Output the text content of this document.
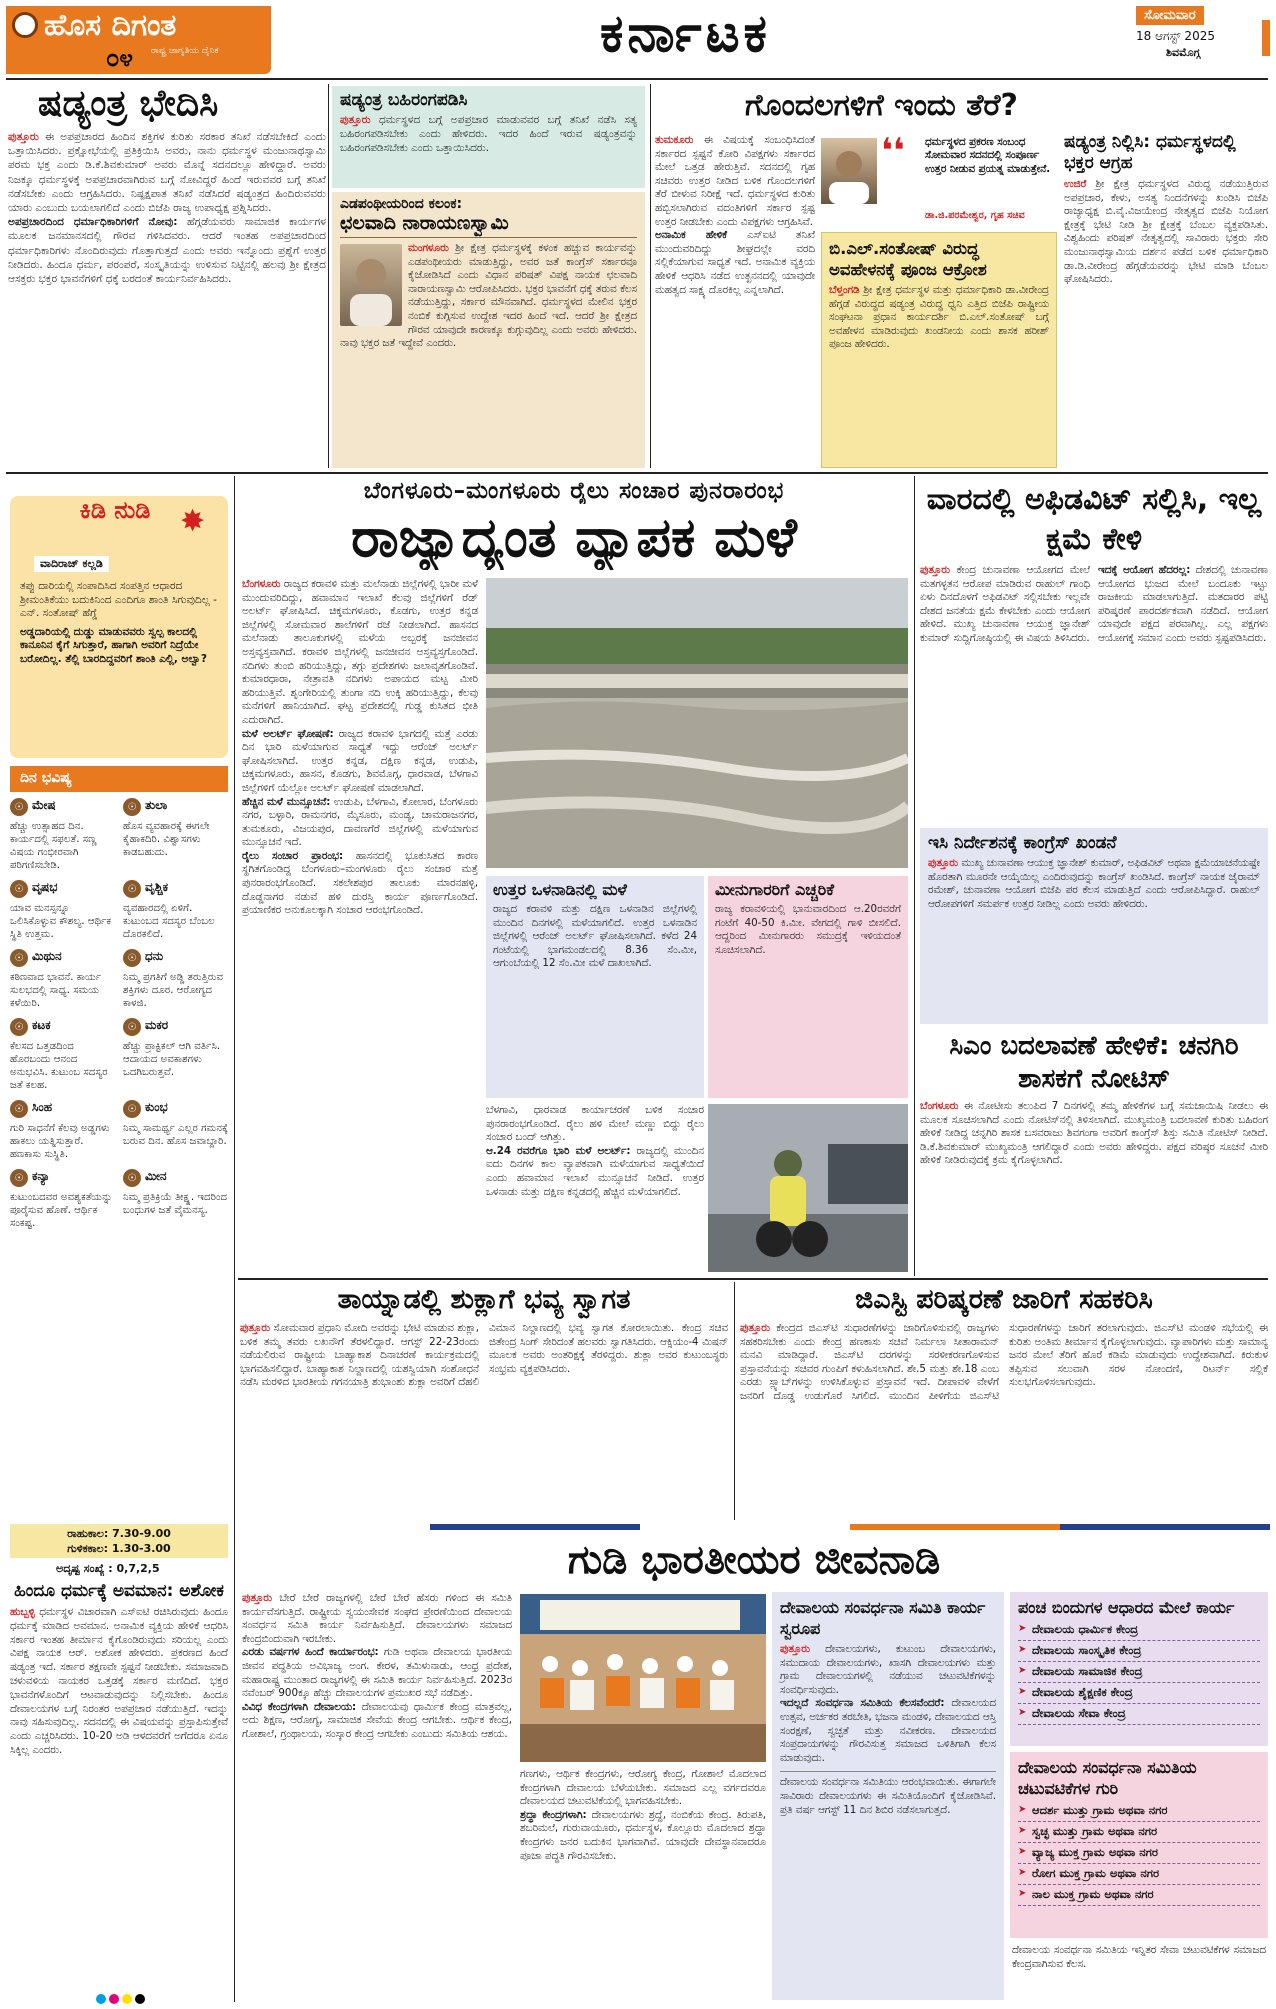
ಹೊಸ ದಿಗಂತ
೦೪ ರಾಷ್ಟ್ರ ಜಾಗೃತಿಯ ದೈನಿಕ	ಕರ್ನಾಟಕ	ಸೋಮವಾರ
18 ಆಗಸ್ಟ್ 2025
ಶಿವಮೊಗ್ಗ
ಷಡ್ಯಂತ್ರ ಭೇದಿಸಿ
ಪುತ್ತೂರು ಈ ಅಪಪ್ರಚಾರದ ಹಿಂದಿನ ಶಕ್ತಿಗಳ ಕುರಿತು ಸರಕಾರ ತನಿಖೆ ನಡೆಸಬೇಕಿದೆ ಎಂದು ಒತ್ತಾಯಿಸಿದರು. ಪ್ರಕ್ಷೋಭೆಯಲ್ಲಿ ಪ್ರತಿಕ್ರಿಯಿಸಿ ಅವರು, ನಾನು ಧರ್ಮಸ್ಥಳ ಮಂಜುನಾಥಸ್ವಾಮಿ ಪರಮ ಭಕ್ತ ಎಂದು ಡಿ.ಕೆ.ಶಿವಕುಮಾರ್ ಅವರು ಮೊನ್ನೆ ಸದನದಲ್ಲೂ ಹೇಳಿದ್ದಾರೆ. ಅವರು ನಿಜಕ್ಕೂ ಧರ್ಮಸ್ಥಳಕ್ಕೆ ಅಪಪ್ರಚಾರವಾಗಿರುವ ಬಗ್ಗೆ ನೋವಿದ್ದರೆ ಹಿಂದೆ ಇರುವವರ ಬಗ್ಗೆ ತನಿಖೆ ನಡೆಸಬೇಕು ಎಂದು ಆಗ್ರಹಿಸಿದರು. ನಿಷ್ಪಕ್ಷಪಾತ ತನಿಖೆ ನಡೆಸಿದರೆ ಷಡ್ಯಂತ್ರದ ಹಿಂದಿರುವವರು ಯಾರು ಎಂಬುದು ಬಯಲಾಗಲಿದೆ ಎಂದು ಬಿಜೆಪಿ ರಾಜ್ಯ ಉಪಾಧ್ಯಕ್ಷ ಪ್ರಶ್ನಿಸಿದರು.
ಅಪಪ್ರಚಾರದಿಂದ ಧರ್ಮಾಧಿಕಾರಿಗಳಿಗೆ ನೋವು: ಹೆಗ್ಗಡೆಯವರು ಸಾಮಾಜಿಕ ಕಾರ್ಯಗಳ ಮೂಲಕ ಜನಮಾನಸದಲ್ಲಿ ಗೌರವ ಗಳಿಸಿದವರು. ಆದರೆ ಇಂತಹ ಅಪಪ್ರಚಾರದಿಂದ ಧರ್ಮಾಧಿಕಾರಿಗಳು ನೊಂದಿರುವುದು ಗೊತ್ತಾಗುತ್ತದೆ ಎಂದು ಅವರು ಇನ್ನೊಂದು ಪ್ರಶ್ನೆಗೆ ಉತ್ತರ ನೀಡಿದರು. ಹಿಂದೂ ಧರ್ಮ, ಪರಂಪರೆ, ಸಂಸ್ಕೃತಿಯನ್ನು ಉಳಿಸುವ ನಿಟ್ಟಿನಲ್ಲಿ ಹಲವು ಶ್ರೀ ಕ್ಷೇತ್ರದ ಆಸಕ್ತರು ಭಕ್ತರ ಭಾವನೆಗಳಿಗೆ ಧಕ್ಕೆ ಬರದಂತೆ ಕಾರ್ಯನಿರ್ವಹಿಸಿದರು.
ಷಡ್ಯಂತ್ರ ಬಹಿರಂಗಪಡಿಸಿ
ಪುತ್ತೂರು ಧರ್ಮಸ್ಥಳದ ಬಗ್ಗೆ ಅಪಪ್ರಚಾರ ಮಾಡುವವರ ಬಗ್ಗೆ ತನಿಖೆ ನಡೆಸಿ ಸತ್ಯ ಬಹಿರಂಗಪಡಿಸಬೇಕು ಎಂದು ಹೇಳಿದರು. ಇದರ ಹಿಂದೆ ಇರುವ ಷಡ್ಯಂತ್ರವನ್ನು ಬಹಿರಂಗಪಡಿಸಬೇಕು ಎಂದು ಒತ್ತಾಯಿಸಿದರು.
ಎಡಪಂಥೀಯರಿಂದ ಕಲಂಕ:
ಛಲವಾದಿ ನಾರಾಯಣಸ್ವಾಮಿ
ಮಂಗಳೂರು ಶ್ರೀ ಕ್ಷೇತ್ರ ಧರ್ಮಸ್ಥಳಕ್ಕೆ ಕಳಂಕ ಹಚ್ಚುವ ಕಾರ್ಯವನ್ನು ಎಡಪಂಥೀಯರು ಮಾಡುತ್ತಿದ್ದು, ಅವರ ಜತೆ ಕಾಂಗ್ರೆಸ್ ಸರ್ಕಾರವೂ ಕೈಜೋಡಿಸಿದೆ ಎಂದು ವಿಧಾನ ಪರಿಷತ್ ವಿಪಕ್ಷ ನಾಯಕ ಛಲವಾದಿ ನಾರಾಯಣಸ್ವಾಮಿ ಆರೋಪಿಸಿದರು. ಭಕ್ತರ ಭಾವನೆಗೆ ಧಕ್ಕೆ ತರುವ ಕೆಲಸ ನಡೆಯುತ್ತಿದ್ದು, ಸರ್ಕಾರ ಮೌನವಾಗಿದೆ. ಧರ್ಮಸ್ಥಳದ ಮೇಲಿನ ಭಕ್ತರ ನಂಬಿಕೆ ಕುಗ್ಗಿಸುವ ಉದ್ದೇಶ ಇದರ ಹಿಂದೆ ಇದೆ. ಆದರೆ ಶ್ರೀ ಕ್ಷೇತ್ರದ ಗೌರವ ಯಾವುದೇ ಕಾರಣಕ್ಕೂ ಕುಗ್ಗುವುದಿಲ್ಲ ಎಂದು ಅವರು ಹೇಳಿದರು. ನಾವು ಭಕ್ತರ ಜತೆ ಇದ್ದೇವೆ ಎಂದರು.
ಗೊಂದಲಗಳಿಗೆ ಇಂದು ತೆರೆ?
ತುಮಕೂರು ಈ ವಿಷಯಕ್ಕೆ ಸಂಬಂಧಿಸಿದಂತೆ ಸರ್ಕಾರದ ಸ್ಪಷ್ಟನೆ ಕೋರಿ ವಿಪಕ್ಷಗಳು ಸರ್ಕಾರದ ಮೇಲೆ ಒತ್ತಡ ಹೇರುತ್ತಿವೆ. ಸದನದಲ್ಲಿ ಗೃಹ ಸಚಿವರು ಉತ್ತರ ನೀಡಿದ ಬಳಿಕ ಗೊಂದಲಗಳಿಗೆ ತೆರೆ ಬೀಳುವ ನಿರೀಕ್ಷೆ ಇದೆ. ಧರ್ಮಸ್ಥಳದ ಕುರಿತು ಹಬ್ಬಿಸಲಾಗಿರುವ ವದಂತಿಗಳಿಗೆ ಸರ್ಕಾರ ಸ್ಪಷ್ಟ ಉತ್ತರ ನೀಡಬೇಕು ಎಂದು ವಿಪಕ್ಷಗಳು ಆಗ್ರಹಿಸಿವೆ.
ಅನಾಮಿಕ ಹೇಳಿಕೆ ಎಸ್ಐಟಿ ತನಿಖೆ ಮುಂದುವರಿದಿದ್ದು ಶೀಘ್ರದಲ್ಲೇ ವರದಿ ಸಲ್ಲಿಕೆಯಾಗುವ ಸಾಧ್ಯತೆ ಇದೆ. ಅನಾಮಿಕ ವ್ಯಕ್ತಿಯ ಹೇಳಿಕೆ ಆಧರಿಸಿ ನಡೆದ ಉತ್ಖನನದಲ್ಲಿ ಯಾವುದೇ ಮಹತ್ವದ ಸಾಕ್ಷ್ಯ ದೊರಕಿಲ್ಲ ಎನ್ನಲಾಗಿದೆ.
❛❛ ಧರ್ಮಸ್ಥಳದ ಪ್ರಕರಣ ಸಂಬಂಧ ಸೋಮವಾರ ಸದನದಲ್ಲಿ ಸಂಪೂರ್ಣ ಉತ್ತರ ನೀಡುವ ಪ್ರಯತ್ನ ಮಾಡುತ್ತೇನೆ.
ಡಾ.ಜಿ.ಪರಮೇಶ್ವರ, ಗೃಹ ಸಚಿವ
ಬಿ.ಎಲ್.ಸಂತೋಷ್ ವಿರುದ್ಧ ಅವಹೇಳನಕ್ಕೆ ಪೂಂಜ ಆಕ್ರೋಶ
ಬೆಳ್ತಂಗಡಿ ಶ್ರೀ ಕ್ಷೇತ್ರ ಧರ್ಮಸ್ಥಳ ಮತ್ತು ಧರ್ಮಾಧಿಕಾರಿ ಡಾ.ವೀರೇಂದ್ರ ಹೆಗ್ಗಡೆ ವಿರುದ್ಧದ ಷಡ್ಯಂತ್ರ ವಿರುದ್ಧ ಧ್ವನಿ ಎತ್ತಿದ ಬಿಜೆಪಿ ರಾಷ್ಟ್ರೀಯ ಸಂಘಟನಾ ಪ್ರಧಾನ ಕಾರ್ಯದರ್ಶಿ ಬಿ.ಎಲ್.ಸಂತೋಷ್ ಬಗ್ಗೆ ಅವಹೇಳನ ಮಾಡಿರುವುದು ಖಂಡನೀಯ ಎಂದು ಶಾಸಕ ಹರೀಶ್ ಪೂಂಜ ಹೇಳಿದರು.
ಷಡ್ಯಂತ್ರ ನಿಲ್ಲಿಸಿ: ಧರ್ಮಸ್ಥಳದಲ್ಲಿ ಭಕ್ತರ ಆಗ್ರಹ
ಉಜಿರೆ ಶ್ರೀ ಕ್ಷೇತ್ರ ಧರ್ಮಸ್ಥಳದ ವಿರುದ್ಧ ನಡೆಯುತ್ತಿರುವ ಅಪಪ್ರಚಾರ, ಕೇಳು, ಅಸತ್ಯ ನಿಂದನೆಗಳನ್ನು ಖಂಡಿಸಿ ಬಿಜೆಪಿ ರಾಜ್ಯಾಧ್ಯಕ್ಷ ಬಿ.ವೈ.ವಿಜಯೇಂದ್ರ ನೇತೃತ್ವದ ಬಿಜೆಪಿ ನಿಯೋಗ ಕ್ಷೇತ್ರಕ್ಕೆ ಭೇಟಿ ನೀಡಿ ಶ್ರೀ ಕ್ಷೇತ್ರಕ್ಕೆ ಬೆಂಬಲ ವ್ಯಕ್ತಪಡಿಸಿತು. ವಿಶ್ವಹಿಂದು ಪರಿಷತ್ ನೇತೃತ್ವದಲ್ಲಿ ಸಾವಿರಾರು ಭಕ್ತರು ಸೇರಿ ಮಂಜುನಾಥಸ್ವಾಮಿಯ ದರ್ಶನ ಪಡೆದ ಬಳಿಕ ಧರ್ಮಾಧಿಕಾರಿ ಡಾ.ಡಿ.ವೀರೇಂದ್ರ ಹೆಗ್ಗಡೆಯವರನ್ನು ಭೇಟಿ ಮಾಡಿ ಬೆಂಬಲ ಘೋಷಿಸಿದರು.
ಕಿಡಿ ನುಡಿ ✸
ವಾದಿರಾಜ್ ಕಲ್ಲಡಿ
ತಪ್ಪು ದಾರಿಯಲ್ಲಿ ಸಂಪಾದಿಸಿದ ಸಂಪತ್ತಿನ ಆಧಾರದ ಶ್ರೀಮಂತಿಕೆಯು ಬದುಕಿನಿಂದ ಎಂದಿಗೂ ಶಾಂತಿ ಸಿಗುವುದಿಲ್ಲ - ಎನ್. ಸಂತೋಷ್ ಹೆಗ್ಡೆ
ಅಡ್ಡದಾರಿಯಲ್ಲಿ ದುಡ್ಡು ಮಾಡುವವರು ಸ್ವಲ್ಪ ಕಾಲದಲ್ಲಿ ಕಾನೂನಿನ ಕೈಗೆ ಸಿಗುತ್ತಾರೆ, ಹಾಗಾಗಿ ಅವರಿಗೆ ನಿದ್ರೆಯೇ ಬರೋದಿಲ್ಲ. ತೆಲ್ಲಿ ಬಾರದಿದ್ದವರಿಗೆ ಶಾಂತಿ ಎಲ್ಲಿ, ಅಲ್ವಾ?
ದಿನ ಭವಿಷ್ಯ
☉ ಮೇಷ
ಹೆಚ್ಚು ಉತ್ಸಾಹದ ದಿನ. ಕಾರ್ಯದಲ್ಲಿ ಸಫಲತೆ. ಸಣ್ಣ ವಿಷಯ ಗಂಭೀರವಾಗಿ ಪರಿಗಣಿಸಬೇಡಿ.
☉ ತುಲಾ
ಹೊಸ ವ್ಯವಹಾರಕ್ಕೆ ಈಗಲೇ ಕೈಹಾಕದಿರಿ. ವಿಶ್ವಾಸಗಳು ಕಾಡಬಹುದು.
☉ ವೃಷಭ
ಯಾವ ಮನಸ್ಸನ್ನೂ ಒಲಿಸಿಕೊಳ್ಳುವ ಕೌಶಲ್ಯ. ಆರ್ಥಿಕ ಸ್ಥಿತಿ ಉತ್ತಮ.
☉ ವೃಶ್ಚಿಕ
ವ್ಯವಹಾರದಲ್ಲಿ ಏಳಿಗೆ. ಕುಟುಂಬದ ಸದಸ್ಯರ ಬೆಂಬಲ ದೊರಕಲಿದೆ.
☉ ಮಿಥುನ
ಕಠಿಣವಾದ ಭಾವನೆ. ಕಾರ್ಯ ಸುಲಭದಲ್ಲಿ ಸಾಧ್ಯ. ಸಮಯ ಕಳೆಯಿರಿ.
☉ ಧನು
ನಿಮ್ಮ ಪ್ರಗತಿಗೆ ಅಡ್ಡಿ ತರುತ್ತಿರುವ ಶಕ್ತಿಗಳು ದೂರ. ಆರೋಗ್ಯದ ಕಾಳಜಿ.
☉ ಕಟಕ
ಕೆಲಸದ ಒತ್ತಡದಿಂದ ಹೊರಬಂದು ಆನಂದ ಅನುಭವಿಸಿ. ಕುಟುಂಬ ಸದಸ್ಯರ ಜತೆ ಕಲಹ.
☉ ಮಕರ
ಹೆಚ್ಚು ಪ್ರಾಕ್ಟಿಕಲ್ ಆಗಿ ವರ್ತಿಸಿ. ಆದಾಯದ ಅವಕಾಶಗಳು ಒದಗಿಬರುತ್ತವೆ.
☉ ಸಿಂಹ
ಗುರಿ ಸಾಧನೆಗೆ ಕೆಲವು ಅಡ್ಡಗಳು ಹಾಕಲು ಯತ್ನಿಸುತ್ತಾರೆ. ಹಣಕಾಸು ಸುಸ್ಥಿತಿ.
☉ ಕುಂಭ
ನಿಮ್ಮ ಸಾಮರ್ಥ್ಯ ಎಲ್ಲರ ಗಮನಕ್ಕೆ ಬರುವ ದಿನ. ಹೊಸ ಜವಾಬ್ದಾರಿ.
☉ ಕನ್ಯಾ
ಕುಟುಂಬದವರ ಅವಶ್ಯಕತೆಯನ್ನು ಪೂರೈಸುವ ಹೊಣೆ. ಆರ್ಥಿಕ ಸಂಕಷ್ಟ.
☉ ಮೀನ
ನಿಮ್ಮ ಪ್ರತಿಕ್ರಿಯೆ ತೀಕ್ಷ್ಣ. ಇದರಿಂದ ಬಂಧುಗಳ ಜತೆ ವೈಮನಸ್ಯ.
ರಾಹುಕಾಲ: 7.30-9.00
ಗುಳಿಕಕಾಲ: 1.30-3.00
ಅದೃಷ್ಟ ಸಂಖ್ಯೆ : 0,7,2,5
ಹಿಂದೂ ಧರ್ಮಕ್ಕೆ ಅವಮಾನ: ಅಶೋಕ
ಹುಬ್ಬಳ್ಳಿ ಧರ್ಮಸ್ಥಳ ವಿಚಾರವಾಗಿ ಎಸ್ಐಟಿ ರಚಿಸಿರುವುದು ಹಿಂದೂ ಧರ್ಮಕ್ಕೆ ಮಾಡಿದ ಅವಮಾನ. ಅನಾಮಿಕ ವ್ಯಕ್ತಿಯ ಹೇಳಿಕೆ ಆಧರಿಸಿ ಸರ್ಕಾರ ಇಂತಹ ತೀರ್ಮಾನ ಕೈಗೊಂಡಿರುವುದು ಸರಿಯಲ್ಲ ಎಂದು ವಿಪಕ್ಷ ನಾಯಕ ಆರ್. ಅಶೋಕ ಹೇಳಿದರು. ಪ್ರಕರಣದ ಹಿಂದೆ ಷಡ್ಯಂತ್ರ ಇದೆ. ಸರ್ಕಾರ ತಕ್ಷಣವೇ ಸ್ಪಷ್ಟನೆ ನೀಡಬೇಕು. ಸಮಾಜವಾದಿ ಚಳುವಳಿಯ ನಾಯಕರ ಒತ್ತಡಕ್ಕೆ ಸರ್ಕಾರ ಮಣಿದಿದೆ. ಭಕ್ತರ ಭಾವನೆಗಳೊಂದಿಗೆ ಆಟವಾಡುವುದನ್ನು ನಿಲ್ಲಿಸಬೇಕು. ಹಿಂದೂ ದೇವಾಲಯಗಳ ಬಗ್ಗೆ ನಿರಂತರ ಅಪಪ್ರಚಾರ ನಡೆಯುತ್ತಿದೆ. ಇದನ್ನು ನಾವು ಸಹಿಸುವುದಿಲ್ಲ. ಸದನದಲ್ಲಿ ಈ ವಿಷಯವನ್ನು ಪ್ರಸ್ತಾಪಿಸುತ್ತೇವೆ ಎಂದು ಎಚ್ಚರಿಸಿದರು. 10-20 ಅಡಿ ಆಳದವರೆಗೆ ಅಗೆದರೂ ಏನೂ ಸಿಕ್ಕಿಲ್ಲ ಎಂದರು.
ಬೆಂಗಳೂರು–ಮಂಗಳೂರು ರೈಲು ಸಂಚಾರ ಪುನರಾರಂಭ
ರಾಜ್ಯಾದ್ಯಂತ ವ್ಯಾಪಕ ಮಳೆ
ಬೆಂಗಳೂರು ರಾಜ್ಯದ ಕರಾವಳಿ ಮತ್ತು ಮಲೆನಾಡು ಜಿಲ್ಲೆಗಳಲ್ಲಿ ಭಾರೀ ಮಳೆ ಮುಂದುವರಿದಿದ್ದು, ಹವಾಮಾನ ಇಲಾಖೆ ಕೆಲವು ಜಿಲ್ಲೆಗಳಿಗೆ ರೆಡ್ ಅಲರ್ಟ್ ಘೋಷಿಸಿದೆ. ಚಿಕ್ಕಮಗಳೂರು, ಕೊಡಗು, ಉತ್ತರ ಕನ್ನಡ ಜಿಲ್ಲೆಗಳಲ್ಲಿ ಸೋಮವಾರ ಶಾಲೆಗಳಿಗೆ ರಜೆ ನೀಡಲಾಗಿದೆ. ಹಾಸನದ ಮಲೆನಾಡು ತಾಲೂಕುಗಳಲ್ಲಿ ಮಳೆಯ ಅಬ್ಬರಕ್ಕೆ ಜನಜೀವನ ಅಸ್ತವ್ಯಸ್ತವಾಗಿದೆ. ಕರಾವಳಿ ಜಿಲ್ಲೆಗಳಲ್ಲಿ ಜನಜೀವನ ಅಸ್ತವ್ಯಸ್ತಗೊಂಡಿದೆ. ನದಿಗಳು ತುಂಬಿ ಹರಿಯುತ್ತಿದ್ದು, ತಗ್ಗು ಪ್ರದೇಶಗಳು ಜಲಾವೃತಗೊಂಡಿವೆ. ಕುಮಾರಧಾರಾ, ನೇತ್ರಾವತಿ ನದಿಗಳು ಅಪಾಯದ ಮಟ್ಟ ಮೀರಿ ಹರಿಯುತ್ತಿವೆ. ಶೃಂಗೇರಿಯಲ್ಲಿ ತುಂಗಾ ನದಿ ಉಕ್ಕಿ ಹರಿಯುತ್ತಿದ್ದು, ಕೆಲವು ಮನೆಗಳಿಗೆ ಹಾನಿಯಾಗಿದೆ. ಘಟ್ಟ ಪ್ರದೇಶದಲ್ಲಿ ಗುಡ್ಡ ಕುಸಿತದ ಭೀತಿ ಎದುರಾಗಿದೆ.
ಮಳೆ ಅಲರ್ಟ್ ಘೋಷಣೆ: ರಾಜ್ಯದ ಕರಾವಳಿ ಭಾಗದಲ್ಲಿ ಮತ್ತೆ ಎರಡು ದಿನ ಭಾರಿ ಮಳೆಯಾಗುವ ಸಾಧ್ಯತೆ ಇದ್ದು ಆರೆಂಜ್ ಅಲರ್ಟ್ ಘೋಷಿಸಲಾಗಿದೆ. ಉತ್ತರ ಕನ್ನಡ, ದಕ್ಷಿಣ ಕನ್ನಡ, ಉಡುಪಿ, ಚಿಕ್ಕಮಗಳೂರು, ಹಾಸನ, ಕೊಡಗು, ಶಿವಮೊಗ್ಗ, ಧಾರವಾಡ, ಬೆಳಗಾವಿ ಜಿಲ್ಲೆಗಳಿಗೆ ಯೆಲ್ಲೋ ಅಲರ್ಟ್ ಘೋಷಣೆ ಮಾಡಲಾಗಿದೆ.
ಹೆಚ್ಚಿನ ಮಳೆ ಮುನ್ಸೂಚನೆ: ಉಡುಪಿ, ಬೆಳಗಾವಿ, ಕೋಲಾರ, ಬೆಂಗಳೂರು ನಗರ, ಬಳ್ಳಾರಿ, ರಾಮನಗರ, ಮೈಸೂರು, ಮಂಡ್ಯ, ಚಾಮರಾಜನಗರ, ತುಮಕೂರು, ವಿಜಯಪುರ, ದಾವಣಗೆರೆ ಜಿಲ್ಲೆಗಳಲ್ಲಿ ಮಳೆಯಾಗುವ ಮುನ್ಸೂಚನೆ ಇದೆ.
ರೈಲು ಸಂಚಾರ ಪ್ರಾರಂಭ: ಹಾಸನದಲ್ಲಿ ಭೂಕುಸಿತದ ಕಾರಣ ಸ್ಥಗಿತಗೊಂಡಿದ್ದ ಬೆಂಗಳೂರು–ಮಂಗಳೂರು ರೈಲು ಸಂಚಾರ ಮತ್ತೆ ಪುನರಾರಂಭಗೊಂಡಿದೆ. ಸಕಲೇಶಪುರ ತಾಲೂಕು ಮಾರನಹಳ್ಳಿ, ದೊಡ್ಡನಾಗರ ನಡುವೆ ಹಳಿ ದುರಸ್ತಿ ಕಾರ್ಯ ಪೂರ್ಣಗೊಂಡಿದೆ. ಪ್ರಯಾಣಿಕರ ಅನುಕೂಲಕ್ಕಾಗಿ ಸಂಚಾರ ಆರಂಭಗೊಂಡಿದೆ.
ಉತ್ತರ ಒಳನಾಡಿನಲ್ಲಿ ಮಳೆ
ರಾಜ್ಯದ ಕರಾವಳಿ ಮತ್ತು ದಕ್ಷಿಣ ಒಳನಾಡಿನ ಜಿಲ್ಲೆಗಳಲ್ಲಿ ಮುಂದಿನ ದಿನಗಳಲ್ಲಿ ಮಳೆಯಾಗಲಿದೆ. ಉತ್ತರ ಒಳನಾಡಿನ ಜಿಲ್ಲೆಗಳಲ್ಲಿ ಆರೆಂಜ್ ಅಲರ್ಟ್ ಘೋಷಿಸಲಾಗಿದೆ. ಕಳೆದ 24 ಗಂಟೆಯಲ್ಲಿ ಭಾಗಮಂಡಲದಲ್ಲಿ 8.36 ಸೆಂ.ಮೀ, ಆಗುಂಬೆಯಲ್ಲಿ 12 ಸೆಂ.ಮೀ ಮಳೆ ದಾಖಲಾಗಿದೆ.
ಮೀನುಗಾರರಿಗೆ ಎಚ್ಚರಿಕೆ
ರಾಜ್ಯ ಕರಾವಳಿಯಲ್ಲಿ ಭಾನುವಾರದಿಂದ ಆ.20ರವರೆಗೆ ಗಂಟೆಗೆ 40-50 ಕಿ.ಮೀ. ವೇಗದಲ್ಲಿ ಗಾಳಿ ಬೀಸಲಿದೆ. ಆದ್ದರಿಂದ ಮೀನುಗಾರರು ಸಮುದ್ರಕ್ಕೆ ಇಳಿಯದಂತೆ ಸೂಚಿಸಲಾಗಿದೆ.
ಬೆಳಗಾವಿ, ಧಾರವಾಡ ಕಾರ್ಯಾಚರಣೆ ಬಳಿಕ ಸಂಚಾರ ಪುನರಾರಂಭಗೊಂಡಿದೆ. ರೈಲು ಹಳಿ ಮೇಲೆ ಮಣ್ಣು ಬಿದ್ದು ರೈಲು ಸಂಚಾರ ಬಂದ್ ಆಗಿತ್ತು.
ಆ.24 ರವರೆಗೂ ಭಾರಿ ಮಳೆ ಅಲರ್ಟ್: ರಾಜ್ಯದಲ್ಲಿ ಮುಂದಿನ ಐದು ದಿನಗಳ ಕಾಲ ವ್ಯಾಪಕವಾಗಿ ಮಳೆಯಾಗುವ ಸಾಧ್ಯತೆಯಿದೆ ಎಂದು ಹವಾಮಾನ ಇಲಾಖೆ ಮುನ್ಸೂಚನೆ ನೀಡಿದೆ. ಉತ್ತರ ಒಳನಾಡು ಮತ್ತು ದಕ್ಷಿಣ ಕನ್ನಡದಲ್ಲಿ ಹೆಚ್ಚಿನ ಮಳೆಯಾಗಲಿದೆ.
ವಾರದಲ್ಲಿ ಅಫಿಡವಿಟ್ ಸಲ್ಲಿಸಿ, ಇಲ್ಲ ಕ್ಷಮೆ ಕೇಳಿ
ಪುತ್ತೂರು ಕೇಂದ್ರ ಚುನಾವಣಾ ಆಯೋಗದ ಮೇಲೆ ಮತಗಳ್ಳತನ ಆರೋಪ ಮಾಡಿರುವ ರಾಹುಲ್ ಗಾಂಧಿ ಏಳು ದಿನದೊಳಗೆ ಅಫಿಡವಿಟ್ ಸಲ್ಲಿಸಬೇಕು ಇಲ್ಲವೇ ದೇಶದ ಜನತೆಯ ಕ್ಷಮೆ ಕೇಳಬೇಕು ಎಂದು ಆಯೋಗ ಹೇಳಿದೆ. ಮುಖ್ಯ ಚುನಾವಣಾ ಆಯುಕ್ತ ಜ್ಞಾನೇಶ್ ಕುಮಾರ್ ಸುದ್ದಿಗೋಷ್ಠಿಯಲ್ಲಿ ಈ ವಿಷಯ ತಿಳಿಸಿದರು.
ಇದಕ್ಕೆ ಆಯೋಗ ಹೆದರಲ್ಲ: ದೇಶದಲ್ಲಿ ಚುನಾವಣಾ ಆಯೋಗದ ಭುಜದ ಮೇಲೆ ಬಂದೂಕು ಇಟ್ಟು ರಾಜಕೀಯ ಮಾಡಲಾಗುತ್ತಿದೆ. ಮತದಾರರ ಪಟ್ಟಿ ಪರಿಷ್ಕರಣೆ ಪಾರದರ್ಶಕವಾಗಿ ನಡೆದಿದೆ. ಆಯೋಗ ಯಾವುದೇ ಪಕ್ಷದ ಪರವಾಗಿಲ್ಲ. ಎಲ್ಲ ಪಕ್ಷಗಳು ಆಯೋಗಕ್ಕೆ ಸಮಾನ ಎಂದು ಅವರು ಸ್ಪಷ್ಟಪಡಿಸಿದರು.
ಇಸಿ ನಿರ್ದೇಶನಕ್ಕೆ ಕಾಂಗ್ರೆಸ್ ಖಂಡನೆ
ಪುತ್ತೂರು ಮುಖ್ಯ ಚುನಾವಣಾ ಆಯುಕ್ತ ಜ್ಞಾನೇಶ್ ಕುಮಾರ್, ಅಫಿಡವಿಟ್ ಅಥವಾ ಕ್ಷಮೆಯಾಚನೆಯಷ್ಟೇ ಹೊರತಾಗಿ ಮೂರನೇ ಆಯ್ಕೆಯಿಲ್ಲ ಎಂದಿರುವುದನ್ನು ಕಾಂಗ್ರೆಸ್ ಖಂಡಿಸಿದೆ. ಕಾಂಗ್ರೆಸ್ ನಾಯಕ ಜೈರಾಮ್ ರಮೇಶ್, ಚುನಾವಣಾ ಆಯೋಗ ಬಿಜೆಪಿ ಪರ ಕೆಲಸ ಮಾಡುತ್ತಿದೆ ಎಂದು ಆರೋಪಿಸಿದ್ದಾರೆ. ರಾಹುಲ್ ಆರೋಪಗಳಿಗೆ ಸಮರ್ಪಕ ಉತ್ತರ ನೀಡಿಲ್ಲ ಎಂದು ಅವರು ಹೇಳಿದರು.
ಸಿಎಂ ಬದಲಾವಣೆ ಹೇಳಿಕೆ: ಚನಗಿರಿ ಶಾಸಕಗೆ ನೋಟಿಸ್
ಬೆಂಗಳೂರು ಈ ನೋಟೀಸು ತಲುಪಿದ 7 ದಿನಗಳಲ್ಲಿ ತಮ್ಮ ಹೇಳಿಕೆಗಳ ಬಗ್ಗೆ ಸಮಜಾಯಿಷಿ ನೀಡಲು ಈ ಮೂಲಕ ಸೂಚಿಸಲಾಗಿದೆ ಎಂದು ನೋಟಿಸ್‌ನಲ್ಲಿ ತಿಳಿಸಲಾಗಿದೆ. ಮುಖ್ಯಮಂತ್ರಿ ಬದಲಾವಣೆ ಕುರಿತು ಬಹಿರಂಗ ಹೇಳಿಕೆ ನೀಡಿದ್ದ ಚನ್ನಗಿರಿ ಶಾಸಕ ಬಸವರಾಜು ಶಿವಗಂಗಾ ಅವರಿಗೆ ಕಾಂಗ್ರೆಸ್ ಶಿಸ್ತು ಸಮಿತಿ ನೋಟಿಸ್ ನೀಡಿದೆ. ಡಿ.ಕೆ.ಶಿವಕುಮಾರ್ ಮುಖ್ಯಮಂತ್ರಿ ಆಗಲಿದ್ದಾರೆ ಎಂದು ಅವರು ಹೇಳಿದ್ದರು. ಪಕ್ಷದ ವರಿಷ್ಠರ ಸೂಚನೆ ಮೀರಿ ಹೇಳಿಕೆ ನೀಡಿರುವುದಕ್ಕೆ ಕ್ರಮ ಕೈಗೊಳ್ಳಲಾಗಿದೆ.
ತಾಯ್ನಾಡಲ್ಲಿ ಶುಕ್ಲಾಗೆ ಭವ್ಯ ಸ್ವಾಗತ
ಪುತ್ತೂರು ಸೋಮವಾರ ಪ್ರಧಾನಿ ಮೋದಿ ಅವರನ್ನು ಭೇಟಿ ಮಾಡುವ ಶುಕ್ಲಾ, ಬಳಿಕ ತಮ್ಮ ತವರು ಲಖನೌಗೆ ತೆರಳಲಿದ್ದಾರೆ. ಆಗಸ್ಟ್ 22-23ರಂದು ನಡೆಯಲಿರುವ ರಾಷ್ಟ್ರೀಯ ಬಾಹ್ಯಾಕಾಶ ದಿನಾಚರಣೆ ಕಾರ್ಯಕ್ರಮದಲ್ಲಿ ಭಾಗವಹಿಸಲಿದ್ದಾರೆ. ಬಾಹ್ಯಾಕಾಶ ನಿಲ್ದಾಣದಲ್ಲಿ ಯಶಸ್ವಿಯಾಗಿ ಸಂಶೋಧನೆ ನಡೆಸಿ ಮರಳಿದ ಭಾರತೀಯ ಗಗನಯಾತ್ರಿ ಶುಭಾಂಶು ಶುಕ್ಲಾ ಅವರಿಗೆ ದೆಹಲಿ ವಿಮಾನ ನಿಲ್ದಾಣದಲ್ಲಿ ಭವ್ಯ ಸ್ವಾಗತ ಕೋರಲಾಯಿತು. ಕೇಂದ್ರ ಸಚಿವ ಜಿತೇಂದ್ರ ಸಿಂಗ್ ಸೇರಿದಂತೆ ಹಲವರು ಸ್ವಾಗತಿಸಿದರು. ಆಕ್ಸಿಯಂ-4 ಮಿಷನ್ ಮೂಲಕ ಅವರು ಅಂತರಿಕ್ಷಕ್ಕೆ ತೆರಳಿದ್ದರು. ಶುಕ್ಲಾ ಅವರ ಕುಟುಂಬಸ್ಥರು ಸಂಭ್ರಮ ವ್ಯಕ್ತಪಡಿಸಿದರು.
ಜಿಎಸ್ಟಿ ಪರಿಷ್ಕರಣೆ ಜಾರಿಗೆ ಸಹಕರಿಸಿ
ಪುತ್ತೂರು ಕೇಂದ್ರದ ಜಿಎಸ್‌ಟಿ ಸುಧಾರಣೆಗಳನ್ನು ಜಾರಿಗೊಳಿಸುವಲ್ಲಿ ರಾಜ್ಯಗಳು ಸಹಕರಿಸಬೇಕು ಎಂದು ಕೇಂದ್ರ ಹಣಕಾಸು ಸಚಿವೆ ನಿರ್ಮಲಾ ಸೀತಾರಾಮನ್ ಮನವಿ ಮಾಡಿದ್ದಾರೆ. ಜಿಎಸ್‌ಟಿ ದರಗಳನ್ನು ಸರಳೀಕರಣಗೊಳಿಸುವ ಪ್ರಸ್ತಾವನೆಯನ್ನು ಸಚಿವರ ಗುಂಪಿಗೆ ಕಳುಹಿಸಲಾಗಿದೆ. ಶೇ.5 ಮತ್ತು ಶೇ.18 ಎಂಬ ಎರಡು ಸ್ಲ್ಯಾಬ್‌ಗಳನ್ನು ಉಳಿಸಿಕೊಳ್ಳುವ ಪ್ರಸ್ತಾವನೆ ಇದೆ. ದೀಪಾವಳಿ ವೇಳೆಗೆ ಜನರಿಗೆ ದೊಡ್ಡ ಉಡುಗೊರೆ ಸಿಗಲಿದೆ. ಮುಂದಿನ ಪೀಳಿಗೆಯ ಜಿಎಸ್‌ಟಿ ಸುಧಾರಣೆಗಳನ್ನು ಜಾರಿಗೆ ತರಲಾಗುವುದು. ಜಿಎಸ್‌ಟಿ ಮಂಡಳಿ ಸಭೆಯಲ್ಲಿ ಈ ಕುರಿತು ಅಂತಿಮ ತೀರ್ಮಾನ ಕೈಗೊಳ್ಳಲಾಗುವುದು. ವ್ಯಾಪಾರಿಗಳು ಮತ್ತು ಸಾಮಾನ್ಯ ಜನರ ಮೇಲೆ ತೆರಿಗೆ ಹೊರೆ ಕಡಿಮೆ ಮಾಡುವುದು ಉದ್ದೇಶವಾಗಿದೆ. ಕಿರುಕುಳ ತಪ್ಪಿಸುವ ಸಲುವಾಗಿ ಸರಳ ನೋಂದಣಿ, ರಿಟರ್ನ್ ಸಲ್ಲಿಕೆ ಸುಲಭಗೊಳಿಸಲಾಗುವುದು.
ಗುಡಿ ಭಾರತೀಯರ ಜೀವನಾಡಿ
ಪುತ್ತೂರು ಬೇರೆ ಬೇರೆ ರಾಜ್ಯಗಳಲ್ಲಿ ಬೇರೆ ಬೇರೆ ಹೆಸರು ಗಳಿಂದ ಈ ಸಮಿತಿ ಕಾರ್ಯವೆಸಗುತ್ತಿದೆ. ರಾಷ್ಟ್ರೀಯ ಸ್ವಯಂಸೇವಕ ಸಂಘದ ಪ್ರೇರಣೆಯಿಂದ ದೇವಾಲಯ ಸಂವರ್ಧನ ಸಮಿತಿ ಕಾರ್ಯ ನಿರ್ವಹಿಸುತ್ತಿದೆ. ದೇವಾಲಯಗಳು ಸಮಾಜದ ಕೇಂದ್ರಬಿಂದುವಾಗಿ ಇರಬೇಕು.
ಎರಡು ವರ್ಷಗಳ ಹಿಂದೆ ಕಾರ್ಯಾರಂಭ: ಗುಡಿ ಅಥವಾ ದೇವಾಲಯ ಭಾರತೀಯ ಜೀವನ ಪದ್ಧತಿಯ ಅವಿಭಾಜ್ಯ ಅಂಗ. ಕೇರಳ, ತಮಿಳುನಾಡು, ಆಂಧ್ರ ಪ್ರದೇಶ, ಮಹಾರಾಷ್ಟ್ರ ಮುಂತಾದ ರಾಜ್ಯಗಳಲ್ಲಿ ಈ ಸಮಿತಿ ಕಾರ್ಯ ನಿರ್ವಹಿಸುತ್ತಿದೆ. 2023ರ ನವೆಂಬರ್ 900ಕ್ಕೂ ಹೆಚ್ಚು ದೇವಾಲಯಗಳ ಪ್ರಮುಖರ ಸಭೆ ನಡೆದಿತ್ತು.
ವಿವಿಧ ಕೇಂದ್ರಗಳಾಗಿ ದೇವಾಲಯ: ದೇವಾಲಯವು ಧಾರ್ಮಿಕ ಕೇಂದ್ರ ಮಾತ್ರವಲ್ಲ, ಅದು ಶಿಕ್ಷಣ, ಆರೋಗ್ಯ, ಸಾಮಾಜಿಕ ಸೇವೆಯ ಕೇಂದ್ರ ಆಗಬೇಕು. ಆರ್ಥಿಕ ಕೇಂದ್ರ, ಗೋಶಾಲೆ, ಗ್ರಂಥಾಲಯ, ಸಂಸ್ಕಾರ ಕೇಂದ್ರ ಆಗಬೇಕು ಎಂಬುದು ಸಮಿತಿಯ ಆಶಯ.
ಗಣಗಳು, ಆರ್ಥಿಕ ಕೇಂದ್ರಗಳು, ಆರೋಗ್ಯ ಕೇಂದ್ರ, ಗೋಶಾಲೆ ಮೊದಲಾದ ಕೇಂದ್ರಗಳಾಗಿ ದೇವಾಲಯ ಬೆಳೆಯಬೇಕು. ಸಮಾಜದ ಎಲ್ಲ ವರ್ಗದವರೂ ದೇವಾಲಯದ ಚಟುವಟಿಕೆಯಲ್ಲಿ ಭಾಗವಹಿಸಬೇಕು.
ಶ್ರದ್ಧಾ ಕೇಂದ್ರಗಳಾಗಿ: ದೇವಾಲಯಗಳು ಶ್ರದ್ಧೆ, ನಂಬಿಕೆಯ ಕೇಂದ್ರ. ತಿರುಪತಿ, ಶಬರಿಮಲೆ, ಗುರುವಾಯೂರು, ಧರ್ಮಸ್ಥಳ, ಕೊಲ್ಲೂರು ಮೊದಲಾದ ಶ್ರದ್ಧಾ ಕೇಂದ್ರಗಳು ಜನರ ಬದುಕಿನ ಭಾಗವಾಗಿವೆ. ಯಾವುದೇ ದೇವಸ್ಥಾನವಾದರೂ ಪೂಜಾ ಪದ್ಧತಿ ಗೌರವಿಸಬೇಕು.
ದೇವಾಲಯ ಸಂವರ್ಧನಾ ಸಮಿತಿ ಕಾರ್ಯ ಸ್ವರೂಪ
ಪುತ್ತೂರು ದೇವಾಲಯಗಳು, ಕುಟುಂಬ ದೇವಾಲಯಗಳು, ಸಮುದಾಯ ದೇವಾಲಯಗಳು, ಖಾಸಗಿ ದೇವಾಲಯಗಳು ಮತ್ತು ಗ್ರಾಮ ದೇವಾಲಯಗಳಲ್ಲಿ ನಡೆಯುವ ಚಟುವಟಿಕೆಗಳನ್ನು ಸಂವರ್ಧಿಸುವುದು.
ಇದಲ್ಲದೆ ಸಂವರ್ಧನಾ ಸಮಿತಿಯ ಕೆಲಸವೆಂದರೆ: ದೇವಾಲಯದ ಉತ್ಸವ, ಅರ್ಚಕರ ತರಬೇತಿ, ಭಜನಾ ಮಂಡಳಿ, ದೇವಾಲಯದ ಆಸ್ತಿ ಸಂರಕ್ಷಣೆ, ಸ್ವಚ್ಛತೆ ಮತ್ತು ನವೀಕರಣ. ದೇವಾಲಯದ ಸಂಪ್ರದಾಯಗಳನ್ನು ಗೌರವಿಸುತ್ತ ಸಮಾಜದ ಒಳಿತಿಗಾಗಿ ಕೆಲಸ ಮಾಡುವುದು.
ದೇವಾಲಯ ಸಂವರ್ಧನಾ ಸಮಿತಿಯು ಆರಂಭವಾಯಿತು. ಈಗಾಗಲೇ ಸಾವಿರಾರು ದೇವಾಲಯಗಳು ಈ ಸಮಿತಿಯೊಂದಿಗೆ ಕೈಜೋಡಿಸಿವೆ. ಪ್ರತಿ ವರ್ಷ ಆಗಸ್ಟ್ 11 ದಿನ ಶಿಬಿರ ನಡೆಸಲಾಗುತ್ತದೆ.
ಪಂಚ ಬಿಂದುಗಳ ಆಧಾರದ ಮೇಲೆ ಕಾರ್ಯ
➤ ದೇವಾಲಯ ಧಾರ್ಮಿಕ ಕೇಂದ್ರ
➤ ದೇವಾಲಯ ಸಾಂಸ್ಕೃತಿಕ ಕೇಂದ್ರ
➤ ದೇವಾಲಯ ಸಾಮಾಜಿಕ ಕೇಂದ್ರ
➤ ದೇವಾಲಯ ಶೈಕ್ಷಣಿಕ ಕೇಂದ್ರ
➤ ದೇವಾಲಯ ಸೇವಾ ಕೇಂದ್ರ
ದೇವಾಲಯ ಸಂವರ್ಧನಾ ಸಮಿತಿಯ ಚಟುವಟಿಕೆಗಳ ಗುರಿ
➤ ಆದರ್ಶ ಮುತ್ತು ಗ್ರಾಮ ಅಥವಾ ನಗರ
➤ ಸ್ವಚ್ಛ ಮುತ್ತು ಗ್ರಾಮ ಅಥವಾ ನಗರ
➤ ವ್ಯಾಜ್ಯ ಮುಕ್ತ ಗ್ರಾಮ ಅಥವಾ ನಗರ
➤ ರೋಗ ಮುಕ್ತ ಗ್ರಾಮ ಅಥವಾ ನಗರ
➤ ನಾಲ ಮುಕ್ತ ಗ್ರಾಮ ಅಥವಾ ನಗರ
ದೇವಾಲಯ ಸಂವರ್ಧನಾ ಸಮಿತಿಯ ಇನ್ನಿತರ ಸೇವಾ ಚಟುವಟಿಕೆಗಳ ಸಮಾಜದ ಕೇಂದ್ರವಾಗಿಸುವ ಕೆಲಸ.
